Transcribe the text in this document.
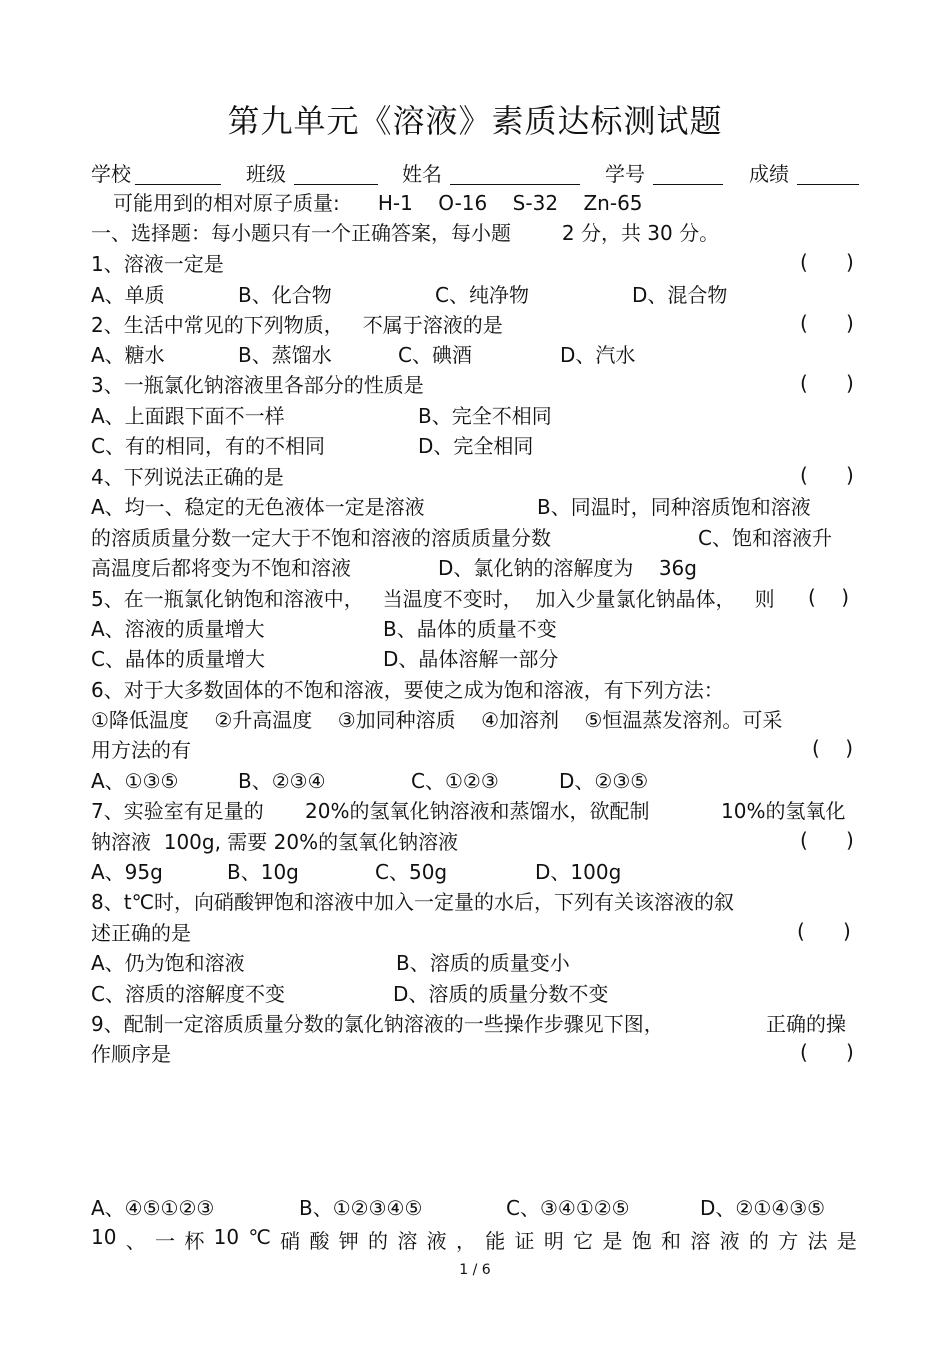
第九单元《溶液》素质达标测试题
学校	班级	姓名	学号	成绩
可能用到的相对原子质量:      H-1    O-16    S-32    Zn-65
一、选择题：每小题只有一个正确答案，每小题        2 分，共 30 分。
1、溶液一定是	(      )
A、单质	B、化合物	C、纯净物	D、混合物
2、生活中常见的下列物质，   不属于溶液的是	(      )
A、糖水	B、蒸馏水	C、碘酒	D、汽水
3、一瓶氯化钠溶液里各部分的性质是	(      )
A、上面跟下面不一样	B、完全不相同
C、有的相同，有的不相同	D、完全相同
4、下列说法正确的是	(      )
A、均一、稳定的无色液体一定是溶液	B、同温时，同种溶质饱和溶液
的溶质质量分数一定大于不饱和溶液的溶质质量分数	C、饱和溶液升
高温度后都将变为不饱和溶液	D、氯化钠的溶解度为    36g
5、在一瓶氯化钠饱和溶液中，   当温度不变时，  加入少量氯化钠晶体，   则 (    )
A、溶液的质量增大	B、晶体的质量不变
C、晶体的质量增大	D、晶体溶解一部分
6、对于大多数固体的不饱和溶液，要使之成为饱和溶液，有下列方法：
①降低温度    ②升高温度    ③加同种溶质    ④加溶剂    ⑤恒温蒸发溶剂。可采
用方法的有	(    )
A、①③⑤	B、②③④	C、①②③	D、②③⑤
7、实验室有足量的 20%的氢氧化钠溶液和蒸馏水，欲配制	10%的氢氧化
钠溶液  100g, 需要 20%的氢氧化钠溶液	(      )
A、95g	B、10g	C、50g	D、100g
8、t℃时，向硝酸钾饱和溶液中加入一定量的水后，下列有关该溶液的叙
述正确的是	(      )
A、仍为饱和溶液	B、溶质的质量变小
C、溶质的溶解度不变	D、溶质的质量分数不变
9、配制一定溶质质量分数的氯化钠溶液的一些操作步骤见下图，	正确的操
作顺序是	(      )
A、④⑤①②③	B、①②③④⑤	C、③④①②⑤	D、②①④③⑤
10 、 一 杯 10 ℃ 硝 酸 钾 的 溶 液 ， 能 证 明 它 是 饱 和 溶 液 的 方 法 是
1 / 6
